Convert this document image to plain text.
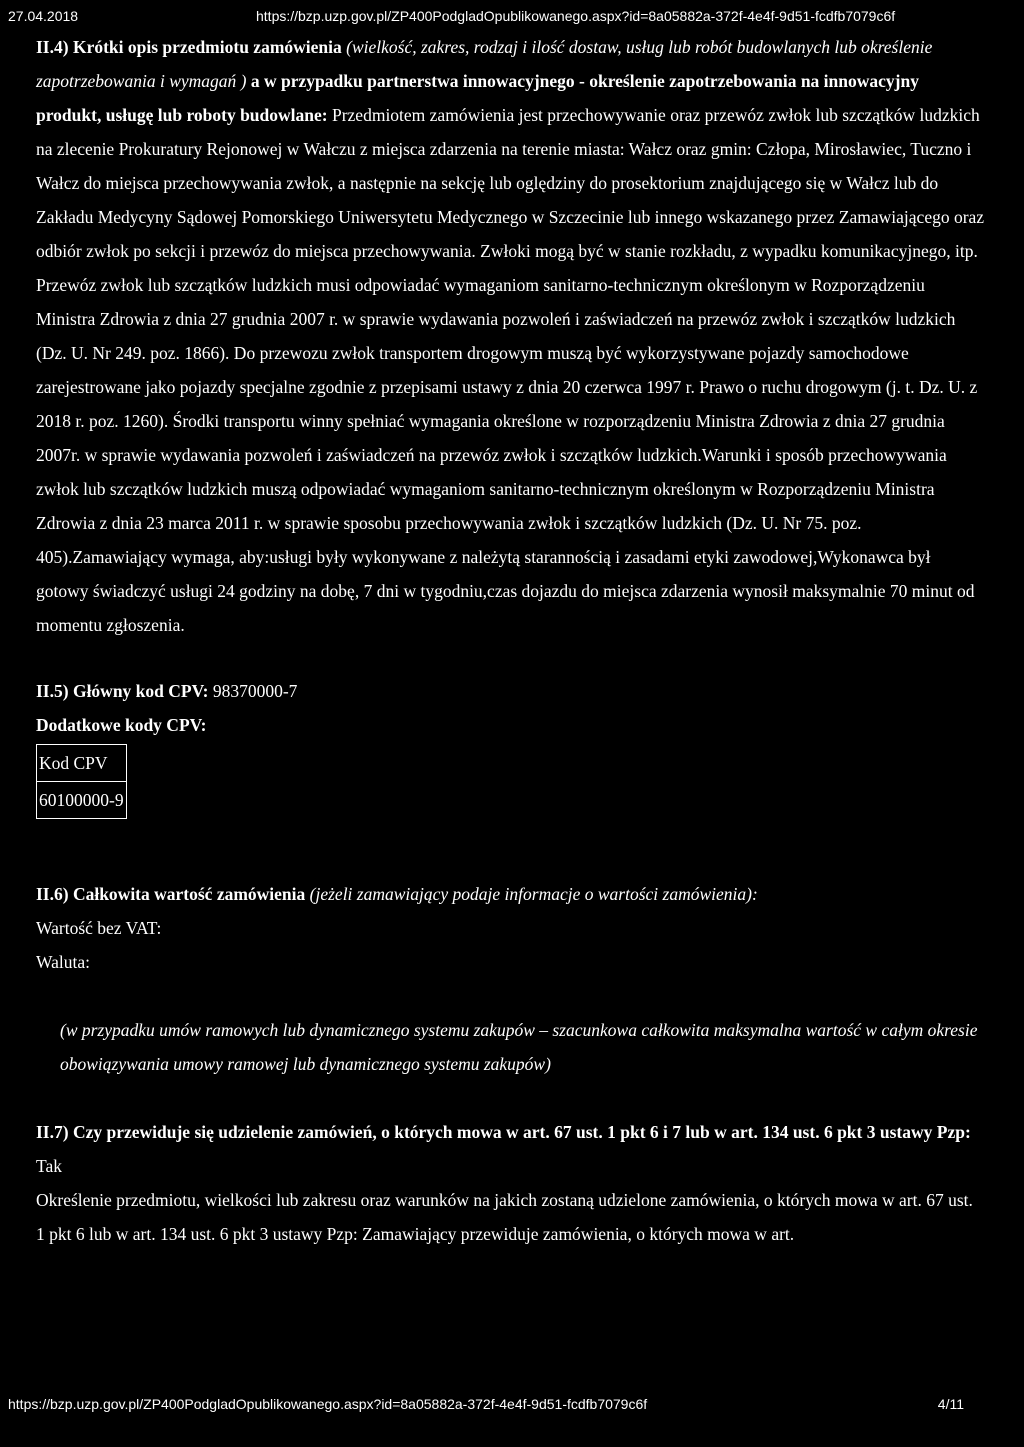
27.04.2018	https://bzp.uzp.gov.pl/ZP400PodgladOpublikowanego.aspx?id=8a05882a-372f-4e4f-9d51-fcdfb7079c6f

II.4) Krótki opis przedmiotu zamówienia (wielkość, zakres, rodzaj i ilość dostaw, usług lub robót budowlanych lub określenie zapotrzebowania i wymagań ) a w przypadku partnerstwa innowacyjnego - określenie zapotrzebowania na innowacyjny produkt, usługę lub roboty budowlane: Przedmiotem zamówienia jest przechowywanie oraz przewóz zwłok lub szczątków ludzkich na zlecenie Prokuratury Rejonowej w Wałczu z miejsca zdarzenia na terenie miasta: Wałcz oraz gmin: Człopa, Mirosławiec, Tuczno i Wałcz do miejsca przechowywania zwłok, a następnie na sekcję lub oględziny do prosektorium znajdującego się w Wałcz lub do Zakładu Medycyny Sądowej Pomorskiego Uniwersytetu Medycznego w Szczecinie lub innego wskazanego przez Zamawiającego oraz odbiór zwłok po sekcji i przewóz do miejsca przechowywania. Zwłoki mogą być w stanie rozkładu, z wypadku komunikacyjnego, itp. Przewóz zwłok lub szczątków ludzkich musi odpowiadać wymaganiom sanitarno-technicznym określonym w Rozporządzeniu Ministra Zdrowia z dnia 27 grudnia 2007 r. w sprawie wydawania pozwoleń i zaświadczeń na przewóz zwłok i szczątków ludzkich (Dz. U. Nr 249. poz. 1866). Do przewozu zwłok transportem drogowym muszą być wykorzystywane pojazdy samochodowe zarejestrowane jako pojazdy specjalne zgodnie z przepisami ustawy z dnia 20 czerwca 1997 r. Prawo o ruchu drogowym (j. t. Dz. U. z 2018 r. poz. 1260). Środki transportu winny spełniać wymagania określone w rozporządzeniu Ministra Zdrowia z dnia 27 grudnia 2007r. w sprawie wydawania pozwoleń i zaświadczeń na przewóz zwłok i szczątków ludzkich.Warunki i sposób przechowywania zwłok lub szczątków ludzkich muszą odpowiadać wymaganiom sanitarno-technicznym określonym w Rozporządzeniu Ministra Zdrowia z dnia 23 marca 2011 r. w sprawie sposobu przechowywania zwłok i szczątków ludzkich (Dz. U. Nr 75. poz. 405).Zamawiający wymaga, aby:usługi były wykonywane z należytą starannością i zasadami etyki zawodowej,Wykonawca był gotowy świadczyć usługi 24 godziny na dobę, 7 dni w tygodniu,czas dojazdu do miejsca zdarzenia wynosił maksymalnie 70 minut od momentu zgłoszenia.

II.5) Główny kod CPV: 98370000-7

Dodatkowe kody CPV:

Kod CPV
60100000-9

II.6) Całkowita wartość zamówienia (jeżeli zamawiający podaje informacje o wartości zamówienia):

Wartość bez VAT:

Waluta:

(w przypadku umów ramowych lub dynamicznego systemu zakupów – szacunkowa całkowita maksymalna wartość w całym okresie obowiązywania umowy ramowej lub dynamicznego systemu zakupów)

II.7) Czy przewiduje się udzielenie zamówień, o których mowa w art. 67 ust. 1 pkt 6 i 7 lub w art. 134 ust. 6 pkt 3 ustawy Pzp: Tak

Określenie przedmiotu, wielkości lub zakresu oraz warunków na jakich zostaną udzielone zamówienia, o których mowa w art. 67 ust. 1 pkt 6 lub w art. 134 ust. 6 pkt 3 ustawy Pzp: Zamawiający przewiduje zamówienia, o których mowa w art.

https://bzp.uzp.gov.pl/ZP400PodgladOpublikowanego.aspx?id=8a05882a-372f-4e4f-9d51-fcdfb7079c6f	4/11
